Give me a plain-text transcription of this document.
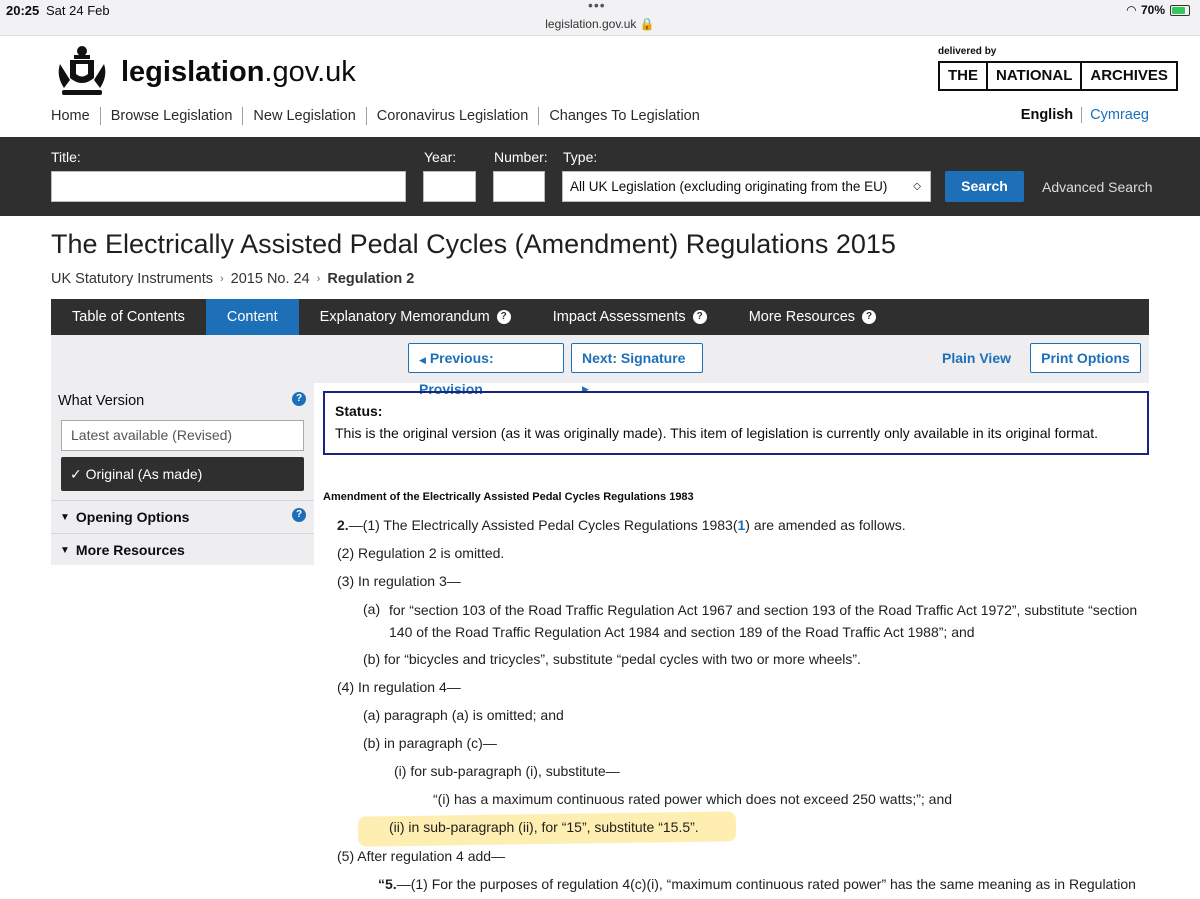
20:25 Sat 24 Feb	•••
legislation.gov.uk 🔒
◠ 70%
legislation.gov.uk
delivered by
THE	NATIONAL	ARCHIVES
Home	Browse Legislation	New Legislation	Coronavirus Legislation	Changes To Legislation	English	Cymraeg
Title:	Year:	Number: Type:
All UK Legislation (excluding originating from the EU)	◇	Search	Advanced Search
The Electrically Assisted Pedal Cycles (Amendment) Regulations 2015
UK Statutory Instruments › 2015 No. 24 › Regulation 2
Table of Contents	Content	Explanatory Memorandum	?	Impact Assessments	?	More Resources	?
◀ Previous: Provision
Next: Signature ▶
Plain View	Print Options
What Version	?
Latest available (Revised)
✓ Original (As made)
▼ Opening Options	?
▼ More Resources
Status:
This is the original version (as it was originally made). This item of legislation is currently only available in its original format.
Amendment of the Electrically Assisted Pedal Cycles Regulations 1983
2.—(1) The Electrically Assisted Pedal Cycles Regulations 1983(1) are amended as follows.
(2) Regulation 2 is omitted.
(3) In regulation 3—
(a) for “section 103 of the Road Traffic Regulation Act 1967 and section 193 of the Road Traffic Act 1972”, substitute “section 140 of the Road Traffic Regulation Act 1984 and section 189 of the Road Traffic Act 1988”; and
(b) for “bicycles and tricycles”, substitute “pedal cycles with two or more wheels”.
(4) In regulation 4—
(a) paragraph (a) is omitted; and
(b) in paragraph (c)—
(i) for sub-paragraph (i), substitute—
“(i) has a maximum continuous rated power which does not exceed 250 watts;”; and
(ii) in sub-paragraph (ii), for “15”, substitute “15.5”.
(5) After regulation 4 add—
“5.—(1) For the purposes of regulation 4(c)(i), “maximum continuous rated power” has the same meaning as in Regulation
